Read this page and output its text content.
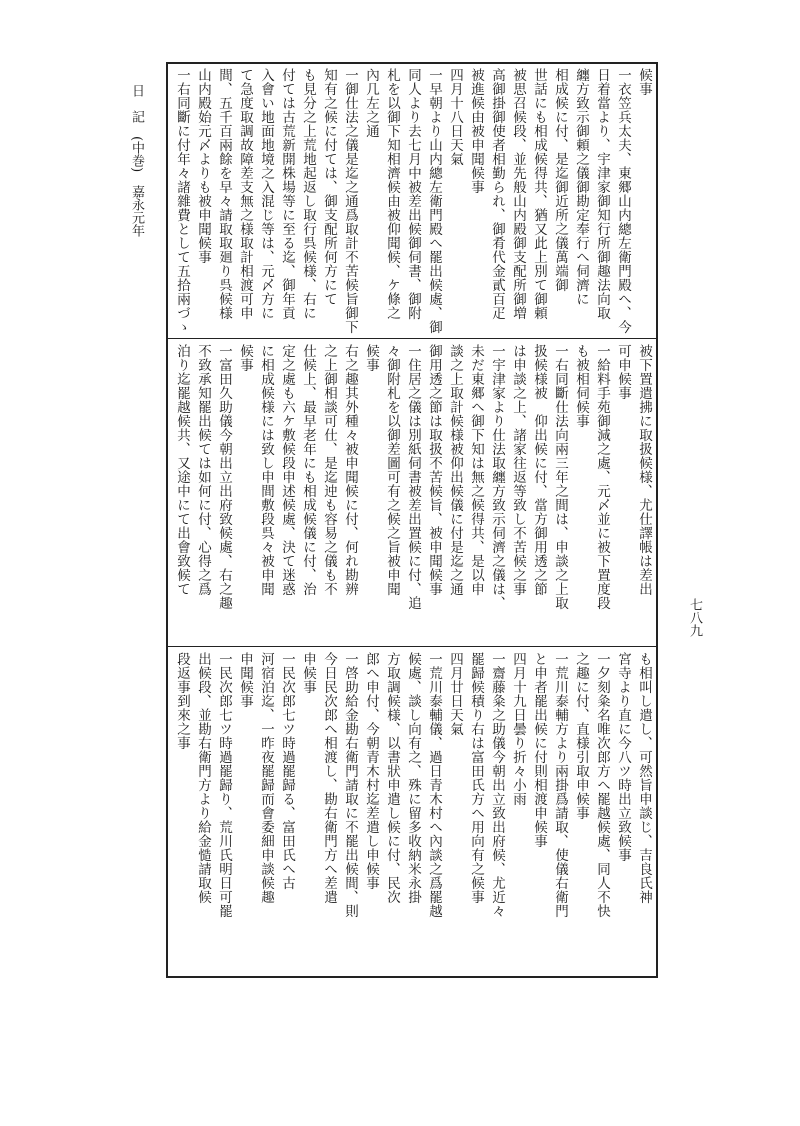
日　記　(中巻)　嘉永元年
七八九
候事
一衣笠兵太夫、東郷山内總左衛門殿へ、今
日着當より、宇津家御知行所御趣法向取
纏方致示御頼之儀御勘定奉行へ伺濟に
相成候に付、是迄御近所之儀萬端御
世話にも相成候得共、猶又此上別て御頼
被思召候段、並先般山内殿御支配所御増
高御掛御使者相勤られ、御肴代金貳百疋
被進候由被申聞候事
四月十八日天氣
一早朝より山内總左衛門殿へ罷出候處、御
同人より去七月中被差出候御伺書、御附
札を以御下知相濟候由被仰聞候、ケ條之
內几左之通
一御仕法之儀是迄之通爲取計不苦候旨御下
知有之候に付ては、御支配所何方にて
も見分之上荒地起返し取行呉候様、右に
付ては古荒新開株場等に至る迄、御年貢
入會い地面地境之入混じ等は、元〆方に
て急度取調故障差支無之様取計相渡可申
間、五千百兩餘を早々請取取廻り呉候様
山内殿始元〆よりも被申聞候事
一右同斷に付年々諸雜費として五拾兩づゝ
被下置遣拂に取扱候様、尤仕譯帳は差出
可申候事
一給料手苑御減之處、元〆並に被下置度段
も被相伺候事
一右同斷仕法向兩三年之間は、申談之上取
扱候様被　仰出候に付、當方御用透之節
は申談之上、諸家往返等致し不苦候之事
一宇津家より仕法取纏方致示伺濟之儀は、
未だ東郷へ御下知は無之候得共、是以申
談之上取計候様被仰出候儀に付是迄之通
御用透之節は取扱不苦候旨、被申聞候事
一住居之儀は別紙伺書被差出置候に付、追
々御附札を以御差圖可有之候之旨被申聞
候事
右之趣其外種々被申聞候に付、何れ勘辨
之上御相談可仕、是迄迚も容易之儀も不
仕候上、最早老年にも相成候儀に付、治
定之處も六ケ敷候段申述候處、決て迷惑
に相成候様には致し申間敷段呉々被申聞
候事
一富田久助儀今朝出立出府致候處、右之趣
不致承知罷出候ては如何に付、心得之爲
泊り迄罷越候共、又途中にて出會致候て
も相叫し遣し、可然旨申談じ、吉良氏神
宮寺より直に今八ツ時出立致候事
一夕刻粂名唯次郎方へ罷越候處、同人不快
之趣に付、直様引取申候事
一荒川泰輔方より兩掛爲請取、使儀右衛門
と申者罷出候に付則相渡申候事
四月十九日曇り折々小雨
一齋藤粂之助儀今朝出立致出府候、尤近々
罷歸候積り右は富田氏方へ用向有之候事
四月廿日天氣
一荒川泰輔儀、過日青木村へ內談之爲罷越
候處、談し向有之、殊に留多收納米永掛
方取調候様、以書狀申遣し候に付、民次
郎へ申付、今朝青木村迄差遣し申候事
一啓助給金勘右衛門請取に不罷出候間、則
今日民次郎へ相渡し、勘右衛門方へ差遣
申候事
一民次郎七ツ時過罷歸る、富田氏へ古
河宿泊迄、一昨夜罷歸而會委細申談候趣
申聞候事
一民次郎七ツ時過罷歸り、荒川氏明日可罷
出候段、並勘右衛門方より給金慥請取候
段返事到來之事
